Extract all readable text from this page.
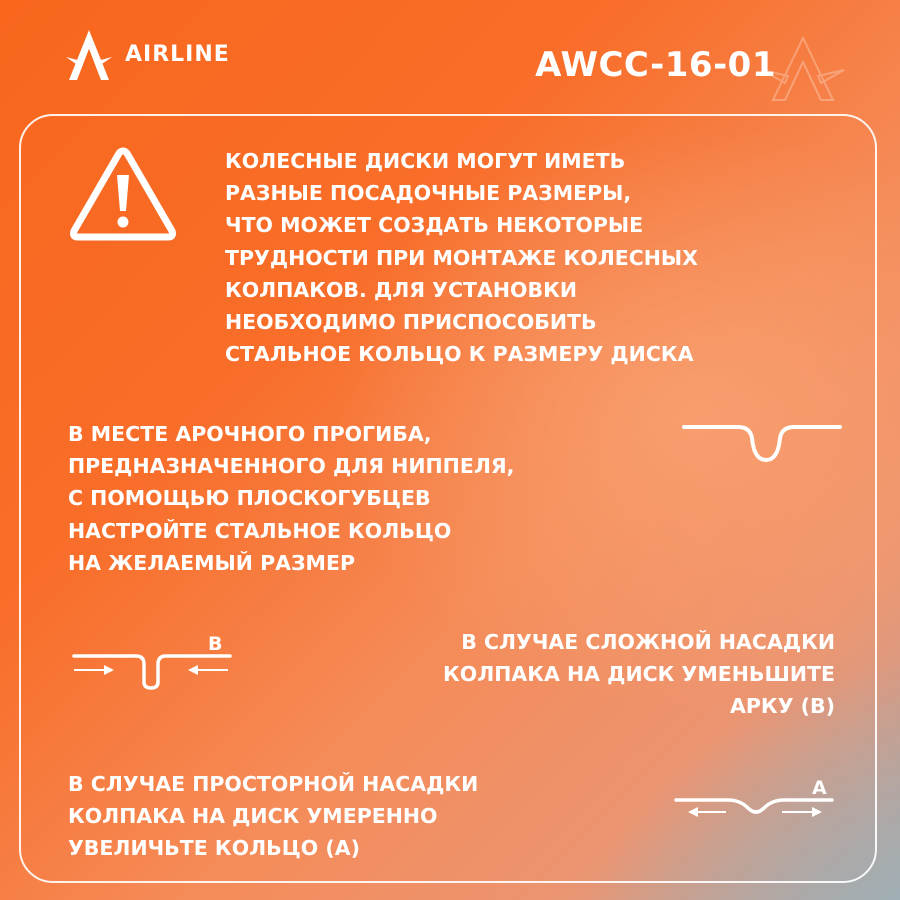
AIRLINE	AWCC-16-01
КОЛЕСНЫЕ ДИСКИ МОГУТ ИМЕТЬ
РАЗНЫЕ ПОСАДОЧНЫЕ РАЗМЕРЫ,
ЧТО МОЖЕТ СОЗДАТЬ НЕКОТОРЫЕ
ТРУДНОСТИ ПРИ МОНТАЖЕ КОЛЕСНЫХ
КОЛПАКОВ. ДЛЯ УСТАНОВКИ
НЕОБХОДИМО ПРИСПОСОБИТЬ
СТАЛЬНОЕ КОЛЬЦО К РАЗМЕРУ ДИСКА
В МЕСТЕ АРОЧНОГО ПРОГИБА,
ПРЕДНАЗНАЧЕННОГО ДЛЯ НИППЕЛЯ,
С ПОМОЩЬЮ ПЛОСКОГУБЦЕВ
НАСТРОЙТЕ СТАЛЬНОЕ КОЛЬЦО
НА ЖЕЛАЕМЫЙ РАЗМЕР
B	В СЛУЧАЕ СЛОЖНОЙ НАСАДКИ
КОЛПАКА НА ДИСК УМЕНЬШИТЕ
АРКУ (В)
В СЛУЧАЕ ПРОСТОРНОЙ НАСАДКИ
КОЛПАКА НА ДИСК УМЕРЕННО
УВЕЛИЧЬТЕ КОЛЬЦО (А)
A
